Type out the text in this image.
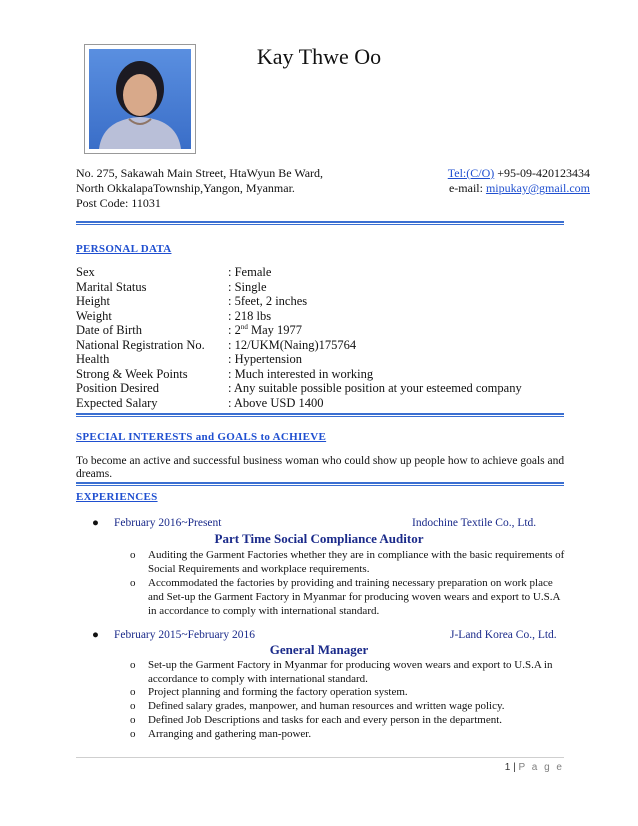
Kay Thwe Oo
No. 275, Sakawah Main Street, HtaWyun Be Ward,
North OkkalapaTownship,Yangon, Myanmar.
Post Code: 11031
Tel:(C/O) +95-09-420123434
e-mail: mipukay@gmail.com
PERSONAL DATA
Sex	: Female
Marital Status	: Single
Height	: 5feet, 2 inches
Weight	: 218 lbs
Date of Birth	: 2nd May 1977
National Registration No. : 12/UKM(Naing)175764
Health	: Hypertension
Strong & Week Points	: Much interested in working
Position Desired	: Any suitable possible position at your esteemed company
Expected Salary	: Above USD 1400
SPECIAL INTERESTS and GOALS to ACHIEVE
To become an active and successful business woman who could show up people how to achieve goals and dreams.
EXPERIENCES
● February 2016~Present	Indochine Textile Co., Ltd.
Part Time Social Compliance Auditor
o Auditing the Garment Factories whether they are in compliance with the basic requirements of Social Requirements and workplace requirements.
o Accommodated the factories by providing and training necessary preparation on work place and Set-up the Garment Factory in Myanmar for producing woven wears and export to U.S.A in accordance to comply with international standard.
● February 2015~February 2016	J-Land Korea Co., Ltd.
General Manager
o Set-up the Garment Factory in Myanmar for producing woven wears and export to U.S.A in accordance to comply with international standard.
o Project planning and forming the factory operation system.
o Defined salary grades, manpower, and human resources and written wage policy.
o Defined Job Descriptions and tasks for each and every person in the department.
o Arranging and gathering man-power.
1 | P a g e
